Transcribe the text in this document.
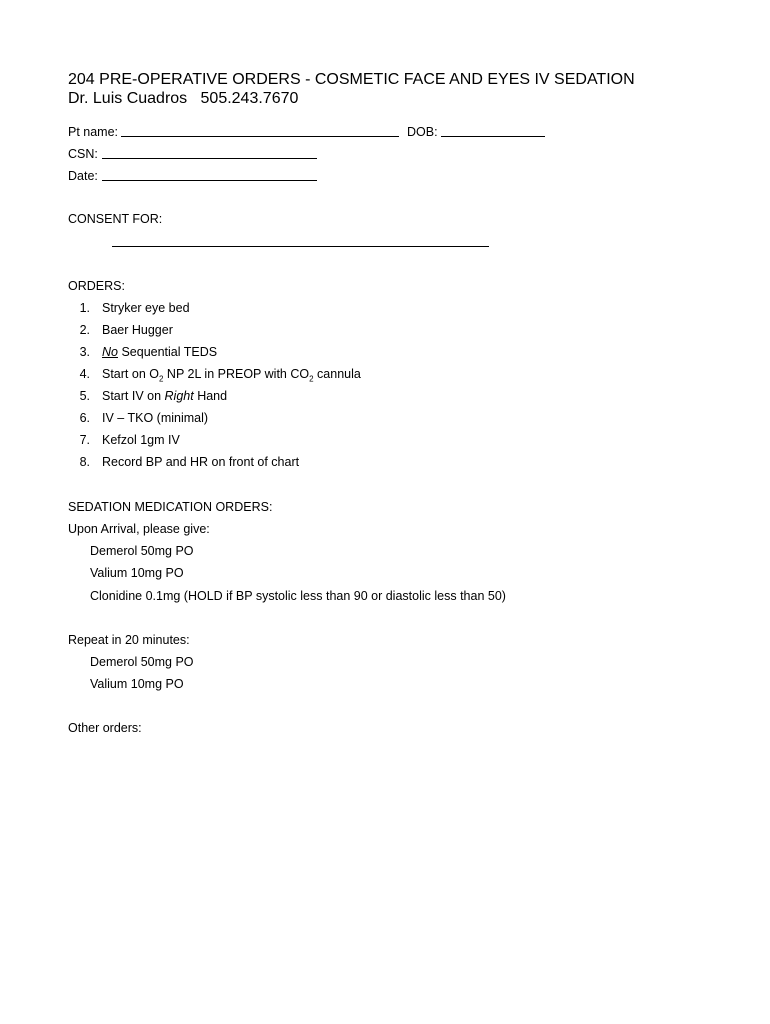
204 PRE-OPERATIVE ORDERS - COSMETIC FACE AND EYES IV SEDATION
Dr. Luis Cuadros 505.243.7670
Pt name:	DOB:
CSN:
Date:
CONSENT FOR:
ORDERS:
1. Stryker eye bed
2. Baer Hugger
3. No Sequential TEDS
4. Start on $O_2$ NP 2L in PREOP with $CO_2$ cannula
5. Start IV on Right Hand
6. IV – TKO (minimal)
7. Kefzol 1gm IV
8. Record BP and HR on front of chart
SEDATION MEDICATION ORDERS:
Upon Arrival, please give:
Demerol 50mg PO
Valium 10mg PO
Clonidine 0.1mg (HOLD if BP systolic less than 90 or diastolic less than 50)
Repeat in 20 minutes:
Demerol 50mg PO
Valium 10mg PO
Other orders:
